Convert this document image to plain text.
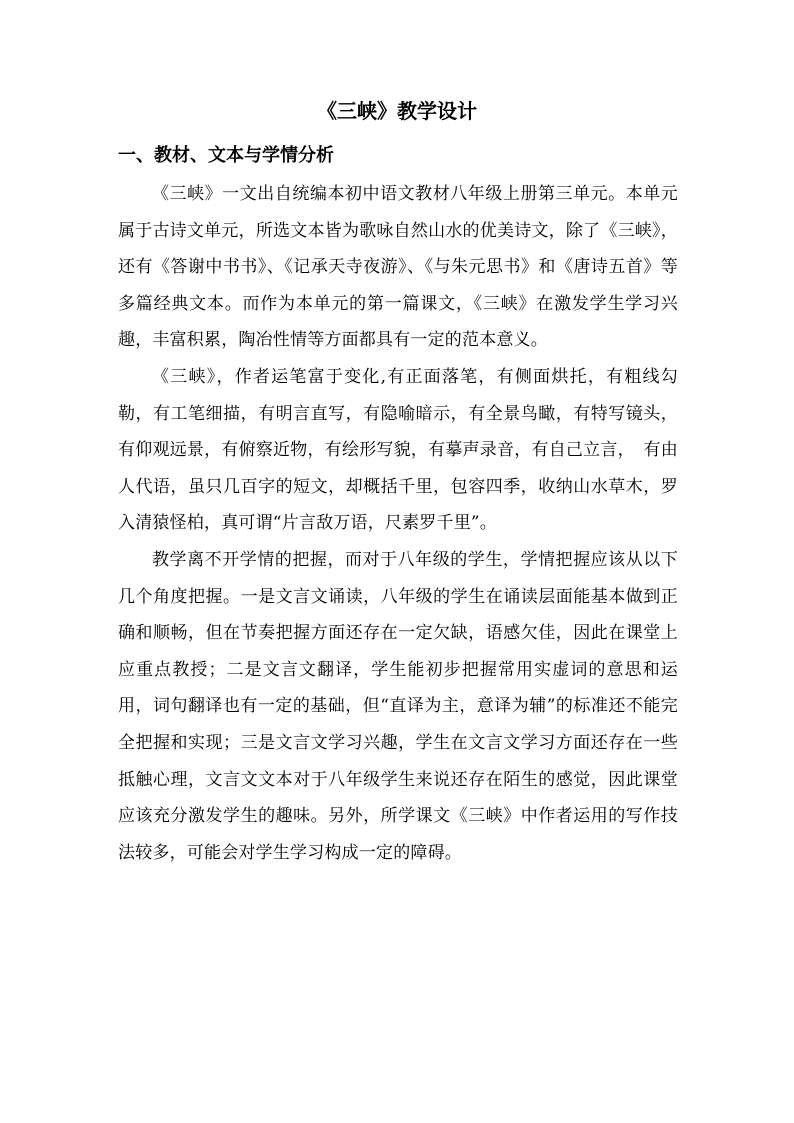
《三峡》教学设计
一、教材、文本与学情分析

《三峡》一文出自统编本初中语文教材八年级上册第三单元。本单元属于古诗文单元，所选文本皆为歌咏自然山水的优美诗文，除了《三峡》，还有《答谢中书书》、《记承天寺夜游》、《与朱元思书》和《唐诗五首》等多篇经典文本。而作为本单元的第一篇课文，《三峡》在激发学生学习兴趣，丰富积累，陶冶性情等方面都具有一定的范本意义。

《三峡》，作者运笔富于变化,有正面落笔，有侧面烘托，有粗线勾勒，有工笔细描，有明言直写，有隐喻暗示，有全景鸟瞰，有特写镜头，有仰观远景，有俯察近物，有绘形写貌，有摹声录音，有自己立言，　有由人代语，虽只几百字的短文，却概括千里，包容四季，收纳山水草木，罗入清猿怪柏，真可谓“片言敌万语，尺素罗千里”。

教学离不开学情的把握，而对于八年级的学生，学情把握应该从以下几个角度把握。一是文言文诵读，八年级的学生在诵读层面能基本做到正确和顺畅，但在节奏把握方面还存在一定欠缺，语感欠佳，因此在课堂上应重点教授；二是文言文翻译，学生能初步把握常用实虚词的意思和运用，词句翻译也有一定的基础，但“直译为主，意译为辅”的标准还不能完全把握和实现；三是文言文学习兴趣，学生在文言文学习方面还存在一些抵触心理，文言文文本对于八年级学生来说还存在陌生的感觉，因此课堂应该充分激发学生的趣味。另外，所学课文《三峡》中作者运用的写作技法较多，可能会对学生学习构成一定的障碍。
